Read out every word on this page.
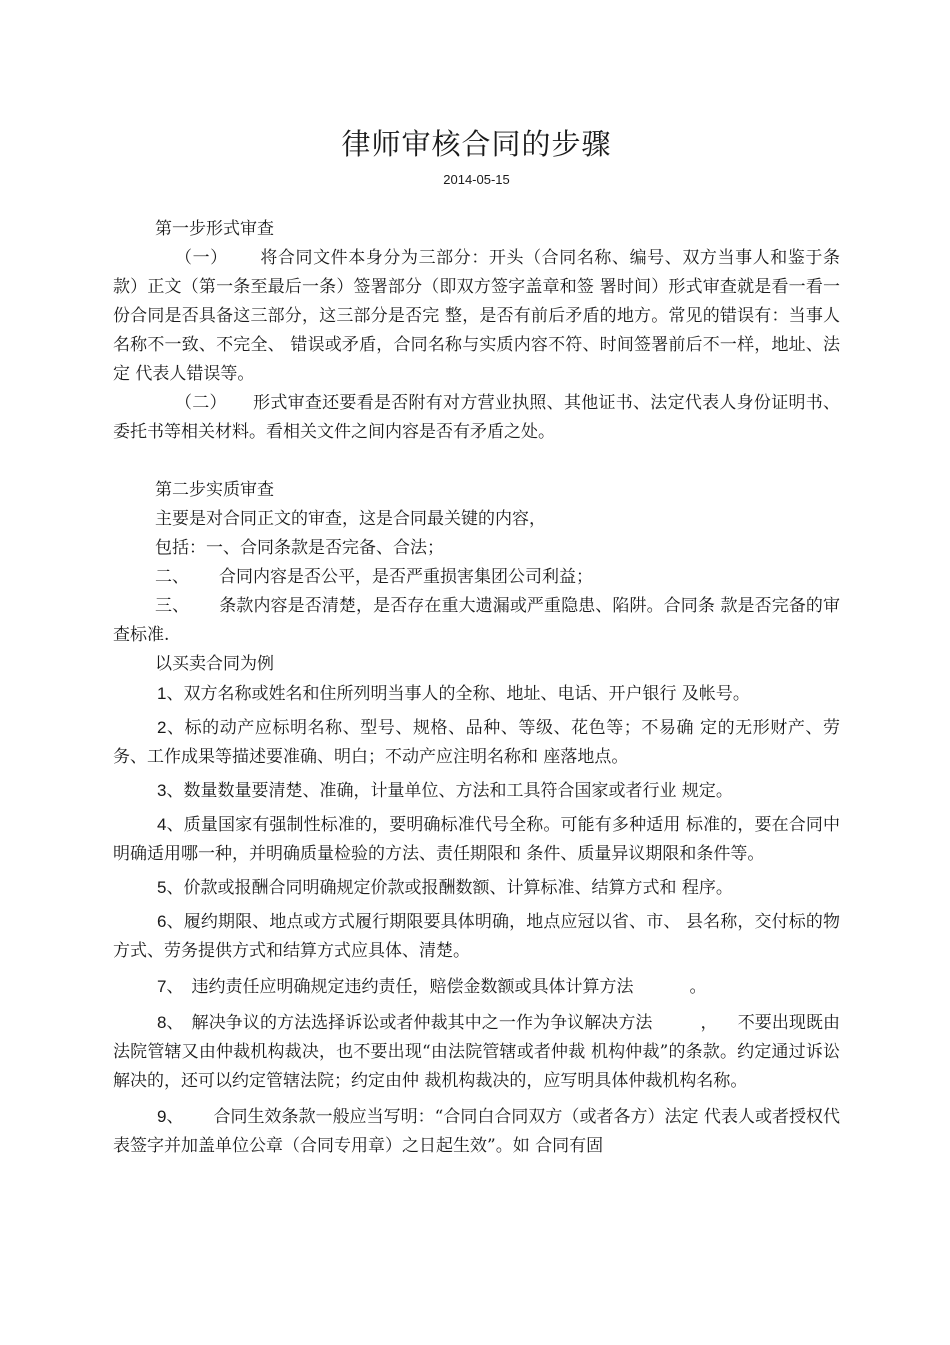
律师审核合同的步骤
2014-05-15

第一步形式审查

（一） 将合同文件本身分为三部分：开头（合同名称、编号、双方当事人和鉴于条款）正文（第一条至最后一条）签署部分（即双方签字盖章和签 署时间）形式审查就是看一看一份合同是否具备这三部分，这三部分是否完 整，是否有前后矛盾的地方。常见的错误有：当事人名称不一致、不完全、 错误或矛盾，合同名称与实质内容不符、时间签署前后不一样，地址、法定 代表人错误等。

（二） 形式审查还要看是否附有对方营业执照、其他证书、法定代表人身份证明书、委托书等相关材料。看相关文件之间内容是否有矛盾之处。

第二步实质审查

主要是对合同正文的审查，这是合同最关键的内容，

包括：一、合同条款是否完备、合法；

二、 合同内容是否公平，是否严重损害集团公司利益；

三、 条款内容是否清楚，是否存在重大遗漏或严重隐患、陷阱。合同条 款是否完备的审查标准.

以买卖合同为例

1、双方名称或姓名和住所列明当事人的全称、地址、电话、开户银行 及帐号。

2、标的动产应标明名称、型号、规格、品种、等级、花色等；不易确 定的无形财产、劳务、工作成果等描述要准确、明白；不动产应注明名称和 座落地点。

3、数量数量要清楚、准确，计量单位、方法和工具符合国家或者行业 规定。

4、质量国家有强制性标准的，要明确标准代号全称。可能有多种适用 标准的，要在合同中明确适用哪一种，并明确质量检验的方法、责任期限和 条件、质量异议期限和条件等。

5、价款或报酬合同明确规定价款或报酬数额、计算标准、结算方式和 程序。

6、履约期限、地点或方式履行期限要具体明确，地点应冠以省、市、 县名称，交付标的物方式、劳务提供方式和结算方式应具体、清楚。

7、 违约责任应明确规定违约责任，赔偿金数额或具体计算方法	。

8、 解决争议的方法选择诉讼或者仲裁其中之一作为争议解决方法	， 不要出现既由法院管辖又由仲裁机构裁决，也不要出现“由法院管辖或者仲裁 机构仲裁”的条款。约定通过诉讼解决的，还可以约定管辖法院；约定由仲 裁机构裁决的，应写明具体仲裁机构名称。

9、 合同生效条款一般应当写明：“合同白合同双方（或者各方）法定 代表人或者授权代表签字并加盖单位公章（合同专用章）之日起生效”。如 合同有固
